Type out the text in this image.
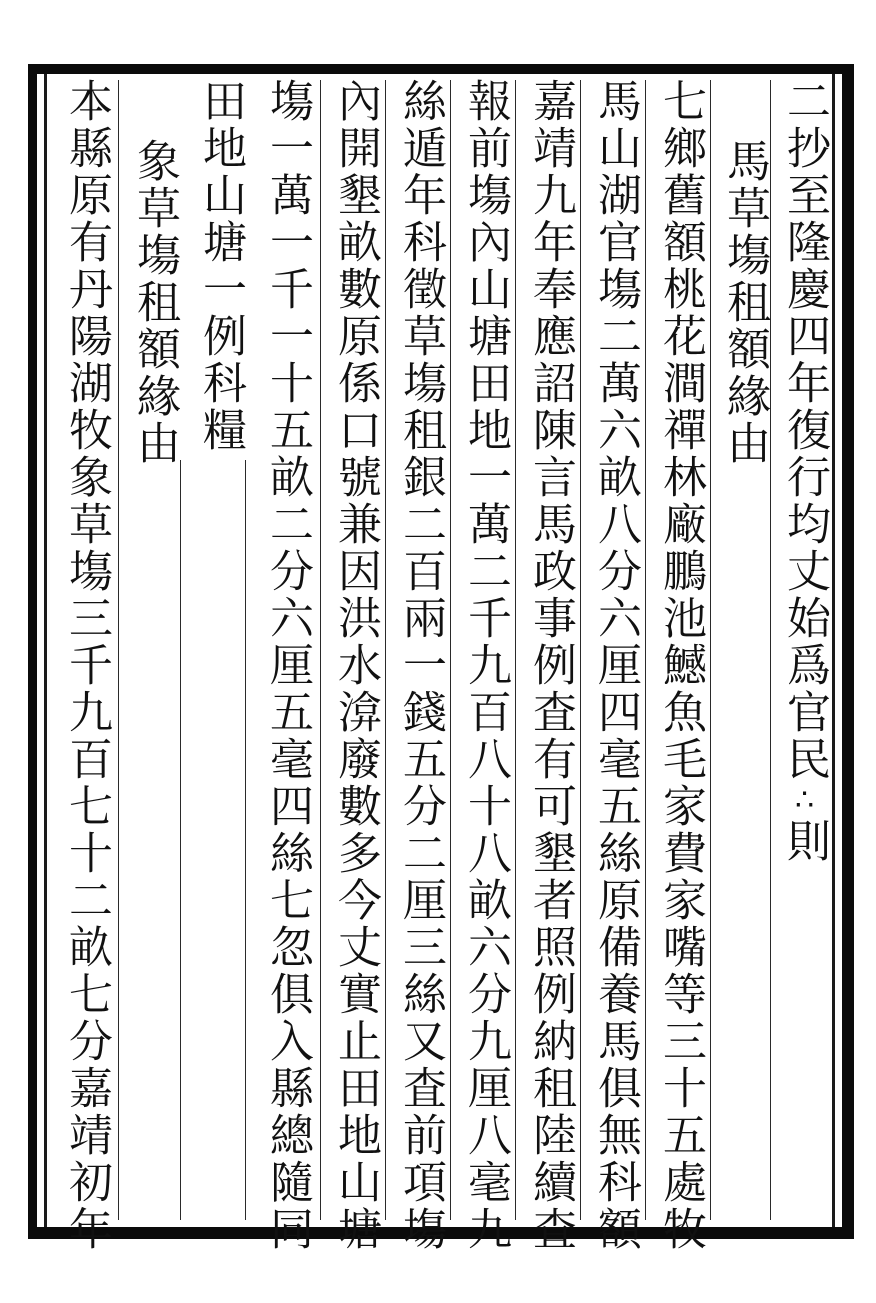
二抄至隆慶四年復行均丈始爲官民∴則
馬草塲租額緣由
七鄉舊額桃花澗禪林廠鵬池鱤魚毛家費家嘴等三十五處牧
馬山湖官塲二萬六畝八分六厘四毫五絲原備養馬俱無科額
嘉靖九年奉應詔陳言馬政事例査有可墾者照例納租陸續査
報前塲內山塘田地一萬二千九百八十八畝六分九厘八毫九
絲遁年科徵草塲租銀二百兩一錢五分二厘三絲又査前項塲
內開墾畝數原係口號兼因洪水渰廢數多今丈實止田地山塘
塲一萬一千一十五畝二分六厘五毫四絲七忽俱入縣總隨同
田地山塘一例科糧
象草塲租額緣由
本縣原有丹陽湖牧象草塲三千九百七十二畝七分嘉靖初年
